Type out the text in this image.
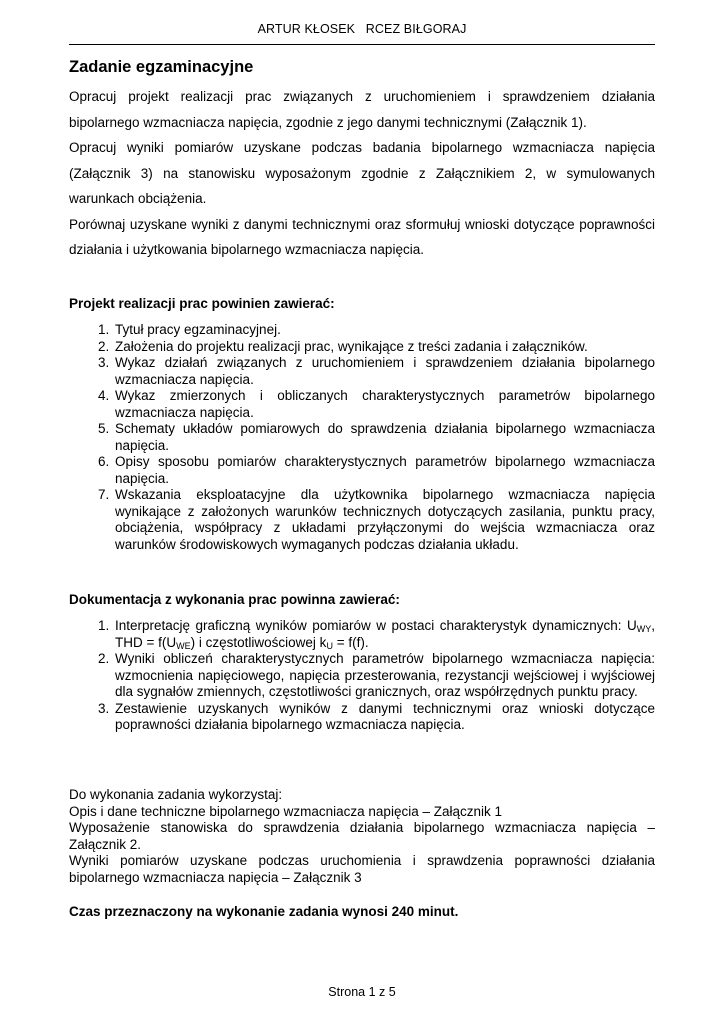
ARTUR KŁOSEK   RCEZ BIŁGORAJ
Zadanie egzaminacyjne

Opracuj projekt realizacji prac związanych z uruchomieniem i sprawdzeniem działania bipolarnego wzmacniacza napięcia, zgodnie z jego danymi technicznymi (Załącznik 1).

Opracuj wyniki pomiarów uzyskane podczas badania bipolarnego wzmacniacza napięcia (Załącznik 3) na stanowisku wyposażonym zgodnie z Załącznikiem 2, w symulowanych warunkach obciążenia.

Porównaj uzyskane wyniki z danymi technicznymi oraz sformułuj wnioski dotyczące poprawności działania i użytkowania bipolarnego wzmacniacza napięcia.

Projekt realizacji prac powinien zawierać:
1. Tytuł pracy egzaminacyjnej.
2. Założenia do projektu realizacji prac, wynikające z treści zadania i załączników.
3. Wykaz działań związanych z uruchomieniem i sprawdzeniem działania bipolarnego wzmacniacza napięcia.
4. Wykaz zmierzonych i obliczanych charakterystycznych parametrów bipolarnego wzmacniacza napięcia.
5. Schematy układów pomiarowych do sprawdzenia działania bipolarnego wzmacniacza napięcia.
6. Opisy sposobu pomiarów charakterystycznych parametrów bipolarnego wzmacniacza napięcia.
7. Wskazania eksploatacyjne dla użytkownika bipolarnego wzmacniacza napięcia wynikające z założonych warunków technicznych dotyczących zasilania, punktu pracy, obciążenia, współpracy z układami przyłączonymi do wejścia wzmacniacza oraz warunków środowiskowych wymaganych podczas działania układu.
Dokumentacja z wykonania prac powinna zawierać:
1. Interpretację graficzną wyników pomiarów w postaci charakterystyk dynamicznych: $U_{WY}$, THD = $f(U_{WE})$ i częstotliwościowej $k_U = f(f)$.
2. Wyniki obliczeń charakterystycznych parametrów bipolarnego wzmacniacza napięcia: wzmocnienia napięciowego, napięcia przesterowania, rezystancji wejściowej i wyjściowej dla sygnałów zmiennych, częstotliwości granicznych, oraz współrzędnych punktu pracy.
3. Zestawienie uzyskanych wyników z danymi technicznymi oraz wnioski dotyczące poprawności działania bipolarnego wzmacniacza napięcia.

Do wykonania zadania wykorzystaj:

Opis i dane techniczne bipolarnego wzmacniacza napięcia – Załącznik 1

Wyposażenie stanowiska do sprawdzenia działania bipolarnego wzmacniacza napięcia – Załącznik 2.

Wyniki pomiarów uzyskane podczas uruchomienia i sprawdzenia poprawności działania bipolarnego wzmacniacza napięcia – Załącznik 3

Czas przeznaczony na wykonanie zadania wynosi 240 minut.
Strona 1 z 5
